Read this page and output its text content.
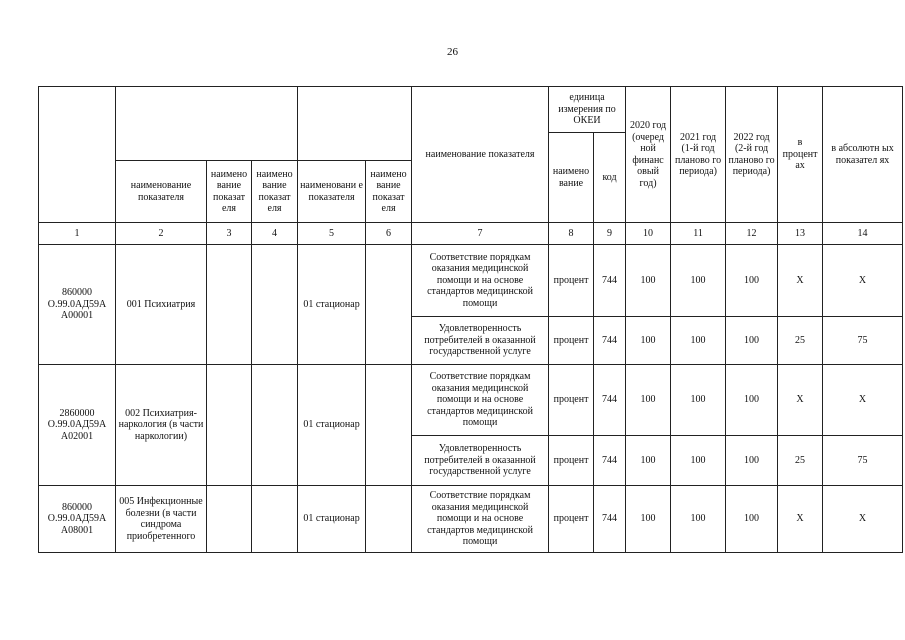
26
						наименование показателя	единица измерения по ОКЕИ		2020 год (очеред ной финанс овый год)	2021 год (1-й год планово го периода)	2022 год (2-й год планово го периода)	в процент ах	в абсолютн ых показател ях
							наимено вание	код					
	наименование показателя	наимено вание показат еля	наимено вание показат еля	наименовани е показателя	наимено вание показат еля								
1	2	3	4	5	6	7	8	9	10	11	12	13	14
860000 О.99.0АД59А А00001	001 Психиатрия			01 стационар		Соответствие порядкам оказания медицинской помощи и на основе стандартов медицинской помощи	процент	744	100	100	100	X	X
						Удовлетворенность потребителей в оказанной государственной услуге	процент	744	100	100	100	25	75
2860000 О.99.0АД59А А02001	002 Психиатрия-наркология (в части наркологии)			01 стационар		Соответствие порядкам оказания медицинской помощи и на основе стандартов медицинской помощи	процент	744	100	100	100	X	X
						Удовлетворенность потребителей в оказанной государственной услуге	процент	744	100	100	100	25	75

860000 О.99.0АД59А А08001	005 Инфекционные болезни (в части синдрома приобретенного			01 стационар		Соответствие порядкам оказания медицинской помощи и на основе стандартов медицинской помощи	процент	744	100	100	100	X	X
